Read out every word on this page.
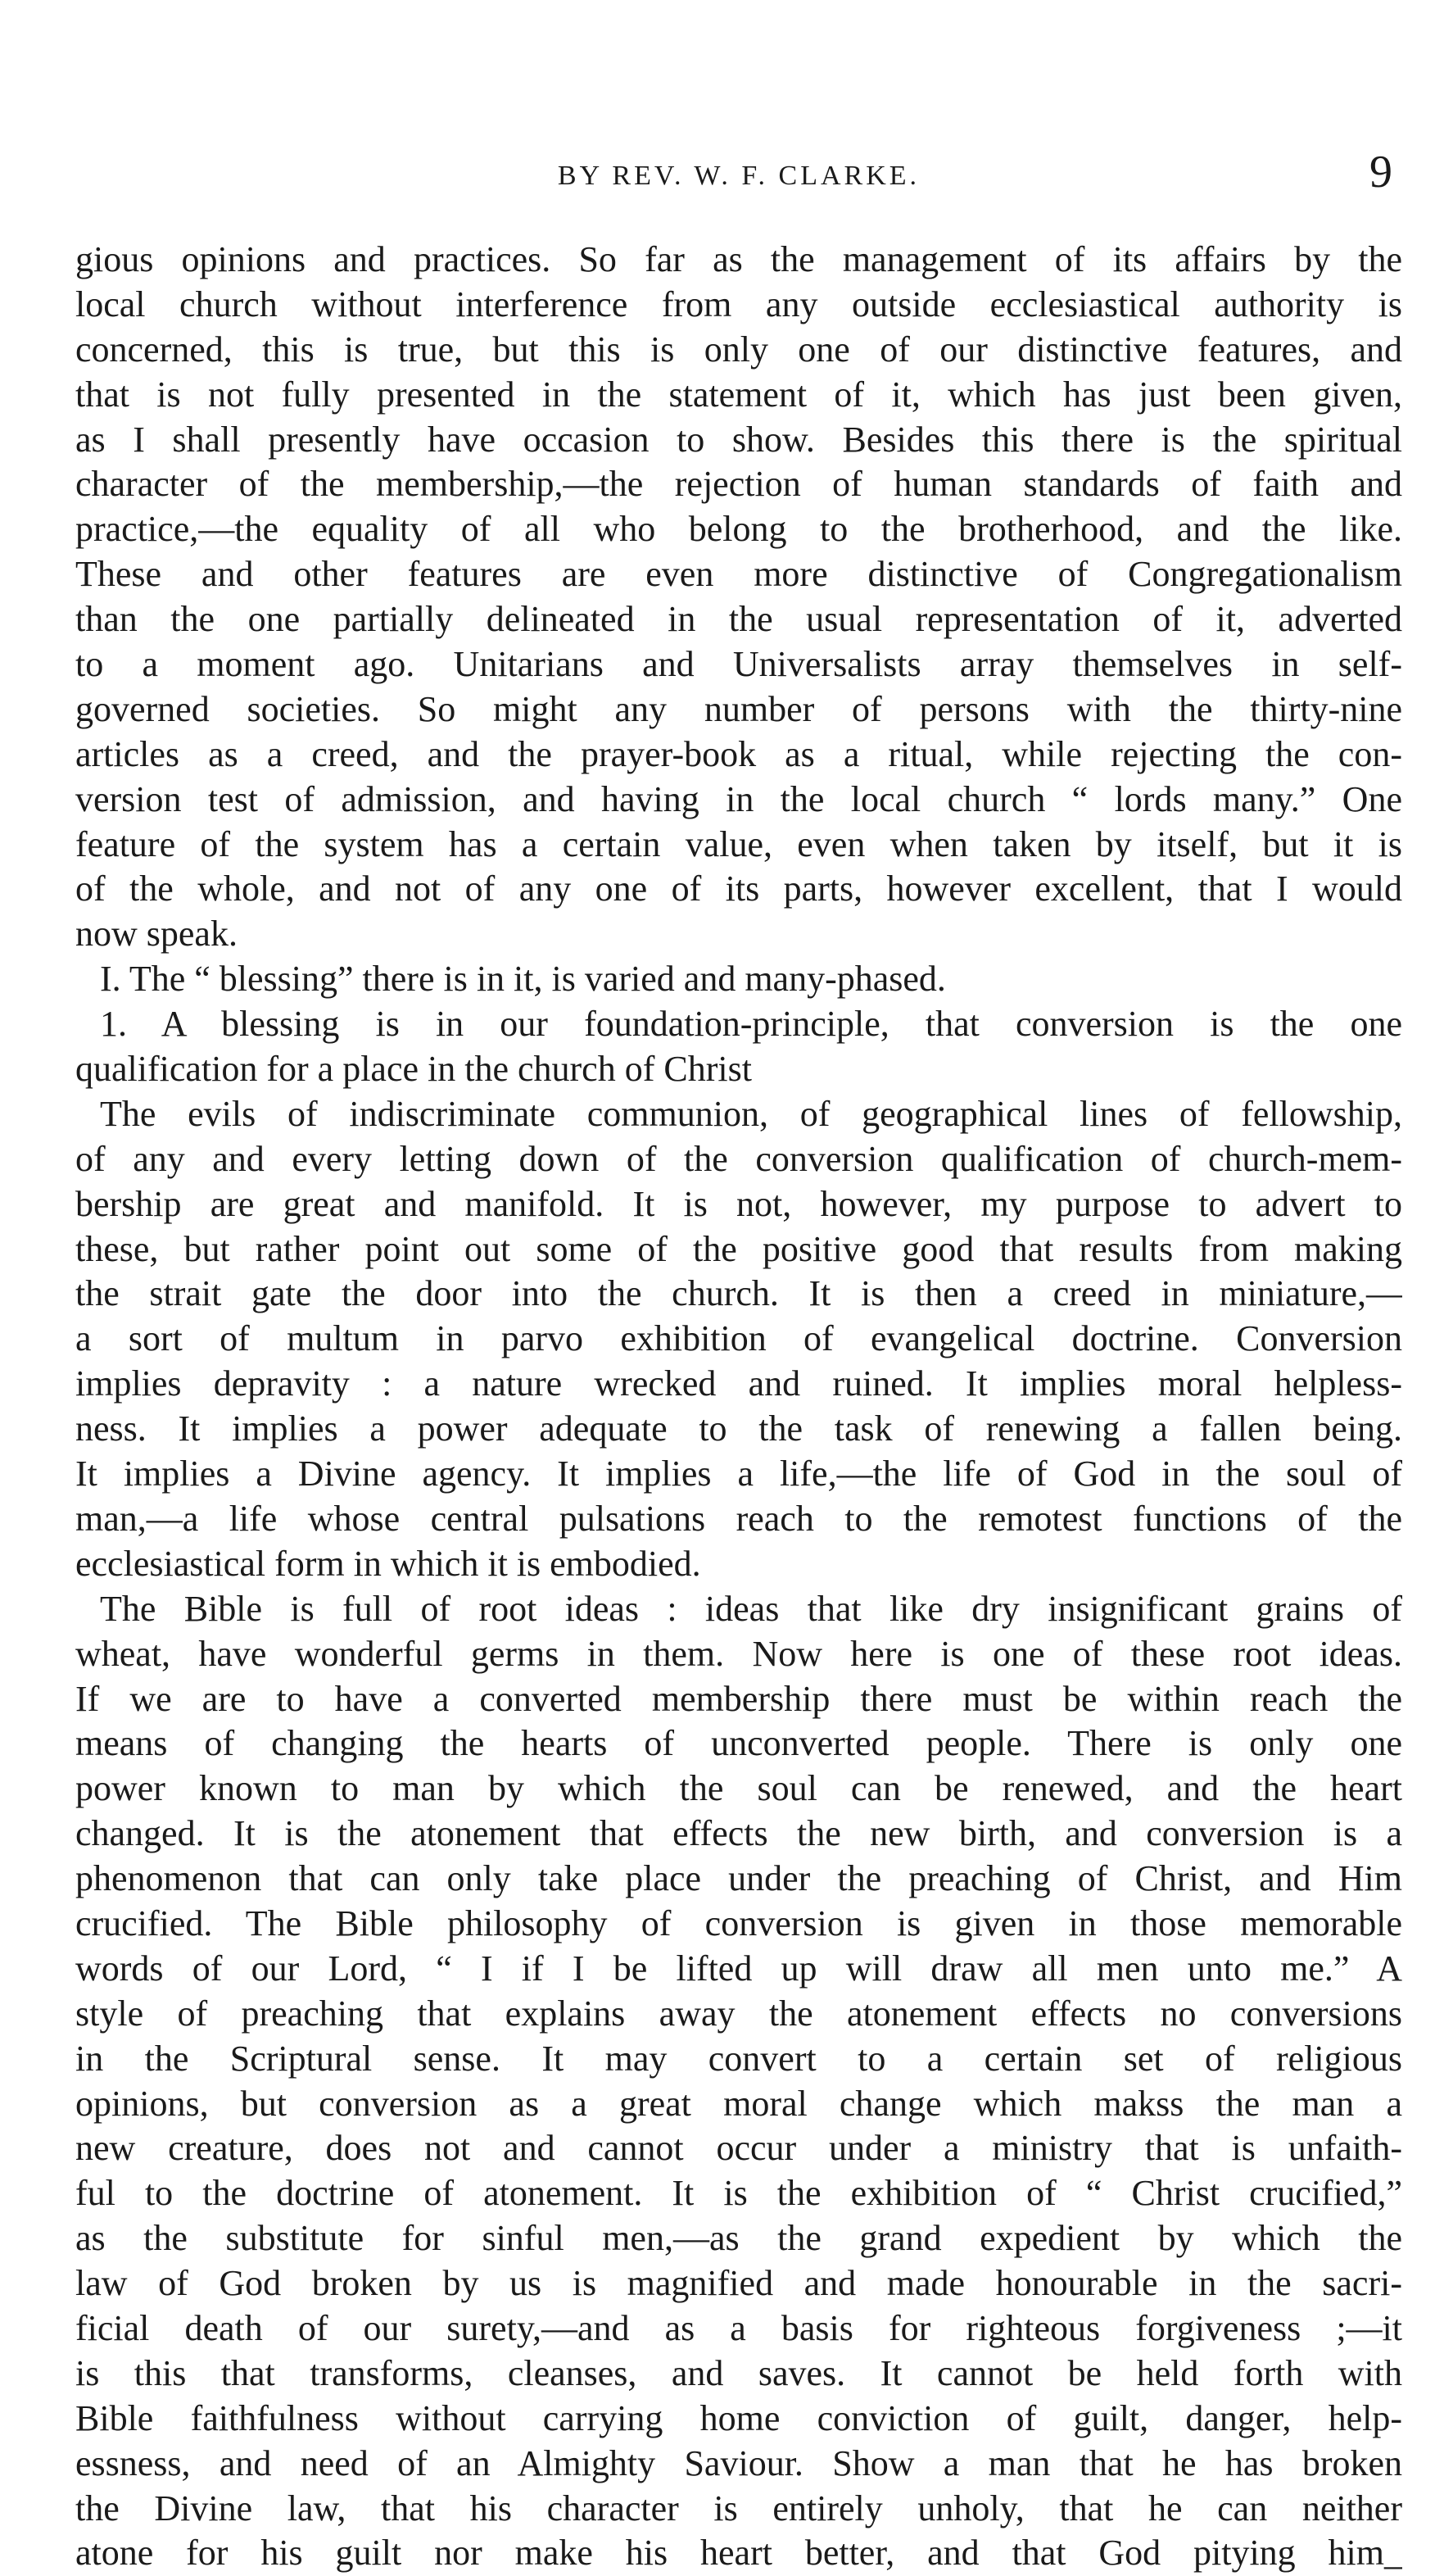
BY REV. W. F. CLARKE.	9
gious opinions and practices. So far as the management of its affairs by the
local church without interference from any outside ecclesiastical authority is
concerned, this is true, but this is only one of our distinctive features, and
that is not fully presented in the statement of it, which has just been given,
as I shall presently have occasion to show. Besides this there is the spiritual
character of the membership,—the rejection of human standards of faith and
practice,—the equality of all who belong to the brotherhood, and the like.
These and other features are even more distinctive of Congregationalism
than the one partially delineated in the usual representation of it, adverted
to a moment ago. Unitarians and Universalists array themselves in self-
governed societies. So might any number of persons with the thirty-nine
articles as a creed, and the prayer-book as a ritual, while rejecting the con-
version test of admission, and having in the local church “ lords many.” One
feature of the system has a certain value, even when taken by itself, but it is
of the whole, and not of any one of its parts, however excellent, that I would
now speak.
I. The “ blessing” there is in it, is varied and many-phased.
1. A blessing is in our foundation-principle, that conversion is the one
qualification for a place in the church of Christ
The evils of indiscriminate communion, of geographical lines of fellowship,
of any and every letting down of the conversion qualification of church-mem-
bership are great and manifold. It is not, however, my purpose to advert to
these, but rather point out some of the positive good that results from making
the strait gate the door into the church. It is then a creed in miniature,—
a sort of multum in parvo exhibition of evangelical doctrine. Conversion
implies depravity : a nature wrecked and ruined. It implies moral helpless-
ness. It implies a power adequate to the task of renewing a fallen being.
It implies a Divine agency. It implies a life,—the life of God in the soul of
man,—a life whose central pulsations reach to the remotest functions of the
ecclesiastical form in which it is embodied.
The Bible is full of root ideas : ideas that like dry insignificant grains of
wheat, have wonderful germs in them. Now here is one of these root ideas.
If we are to have a converted membership there must be within reach the
means of changing the hearts of unconverted people. There is only one
power known to man by which the soul can be renewed, and the heart
changed. It is the atonement that effects the new birth, and conversion is a
phenomenon that can only take place under the preaching of Christ, and Him
crucified. The Bible philosophy of conversion is given in those memorable
words of our Lord, “ I if I be lifted up will draw all men unto me.” A
style of preaching that explains away the atonement effects no conversions
in the Scriptural sense. It may convert to a certain set of religious
opinions, but conversion as a great moral change which makss the man a
new creature, does not and cannot occur under a ministry that is unfaith-
ful to the doctrine of atonement. It is the exhibition of “ Christ crucified,”
as the substitute for sinful men,—as the grand expedient by which the
law of God broken by us is magnified and made honourable in the sacri-
ficial death of our surety,—and as a basis for righteous forgiveness ;—it
is this that transforms, cleanses, and saves. It cannot be held forth with
Bible faithfulness without carrying home conviction of guilt, danger, help-
essness, and need of an Almighty Saviour. Show a man that he has broken
the Divine law, that his character is entirely unholy, that he can neither
atone for his guilt nor make his heart better, and that God pitying him_
